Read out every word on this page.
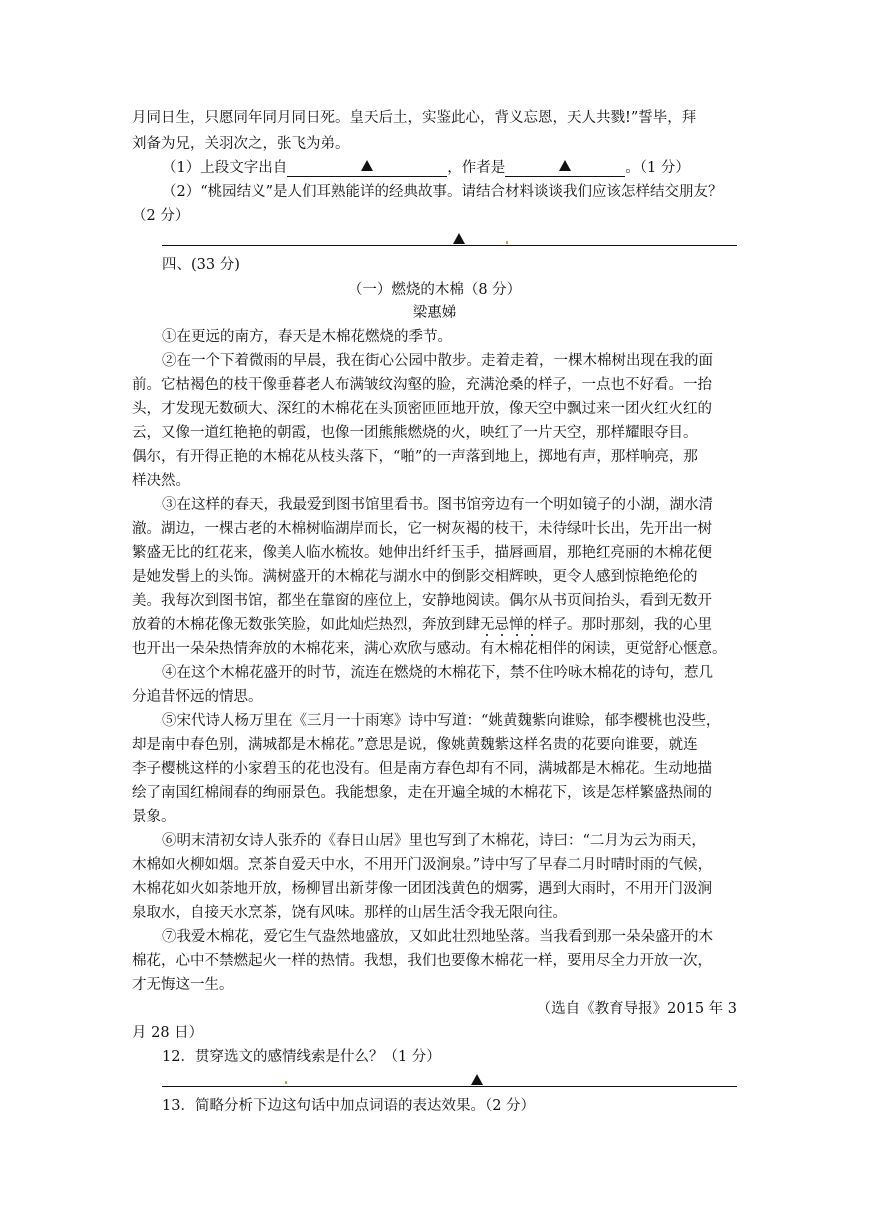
月同日生，只愿同年同月同日死。皇天后土，实鉴此心，背义忘恩，天人共戮!”誓毕，拜
刘备为兄，关羽次之，张飞为弟。
（1）上段文字出自	，作者是	。（1 分）
（2）“桃园结义”是人们耳熟能详的经典故事。请结合材料谈谈我们应该怎样结交朋友？
（2 分）
四、(33 分)
（一）燃烧的木棉（8 分）
梁惠娣
①在更远的南方，春天是木棉花燃烧的季节。
②在一个下着微雨的早晨，我在街心公园中散步。走着走着，一棵木棉树出现在我的面
前。它枯褐色的枝干像垂暮老人布满皱纹沟壑的脸，充满沧桑的样子，一点也不好看。一抬
头，才发现无数硕大、深红的木棉花在头顶密匝匝地开放，像天空中飘过来一团火红火红的
云，又像一道红艳艳的朝霞，也像一团熊熊燃烧的火，映红了一片天空，那样耀眼夺目。
偶尔，有开得正艳的木棉花从枝头落下，“啪”的一声落到地上，掷地有声，那样响亮，那
样决然。
③在这样的春天，我最爱到图书馆里看书。图书馆旁边有一个明如镜子的小湖，湖水清
澈。湖边，一棵古老的木棉树临湖岸而长，它一树灰褐的枝干，未待绿叶长出，先开出一树
繁盛无比的红花来，像美人临水梳妆。她伸出纤纤玉手，描唇画眉，那艳红亮丽的木棉花便
是她发髻上的头饰。满树盛开的木棉花与湖水中的倒影交相辉映，更令人感到惊艳绝伦的
美。我每次到图书馆，都坐在靠窗的座位上，安静地阅读。偶尔从书页间抬头，看到无数开
放着的木棉花像无数张笑脸，如此灿烂热烈，奔放到肆无忌惮的样子。那时那刻，我的心里
也开出一朵朵热情奔放的木棉花来，满心欢欣与感动。有木棉花相伴的闲读，更觉舒心惬意。
④在这个木棉花盛开的时节，流连在燃烧的木棉花下，禁不住吟咏木棉花的诗句，惹几
分追昔怀远的情思。
⑤宋代诗人杨万里在《三月一十雨寒》诗中写道：“姚黄魏紫向谁赊，郁李樱桃也没些，
却是南中春色别，满城都是木棉花。”意思是说，像姚黄魏紫这样名贵的花要向谁要，就连
李子樱桃这样的小家碧玉的花也没有。但是南方春色却有不同，满城都是木棉花。生动地描
绘了南国红棉闹春的绚丽景色。我能想象，走在开遍全城的木棉花下，该是怎样繁盛热闹的
景象。
⑥明末清初女诗人张乔的《春日山居》里也写到了木棉花，诗曰：“二月为云为雨天，
木棉如火柳如烟。烹茶自爱天中水，不用开门汲涧泉。”诗中写了早春二月时晴时雨的气候，
木棉花如火如荼地开放，杨柳冒出新芽像一团团浅黄色的烟雾，遇到大雨时，不用开门汲涧
泉取水，自接天水烹茶，饶有风味。那样的山居生活令我无限向往。
⑦我爱木棉花，爱它生气盎然地盛放，又如此壮烈地坠落。当我看到那一朵朵盛开的木
棉花，心中不禁燃起火一样的热情。我想，我们也要像木棉花一样，要用尽全力开放一次，
才无悔这一生。
（选自《教育导报》2015 年 3
月 28 日）
12．贯穿选文的感情线索是什么？（1 分）
13．简略分析下边这句话中加点词语的表达效果。（2 分）
